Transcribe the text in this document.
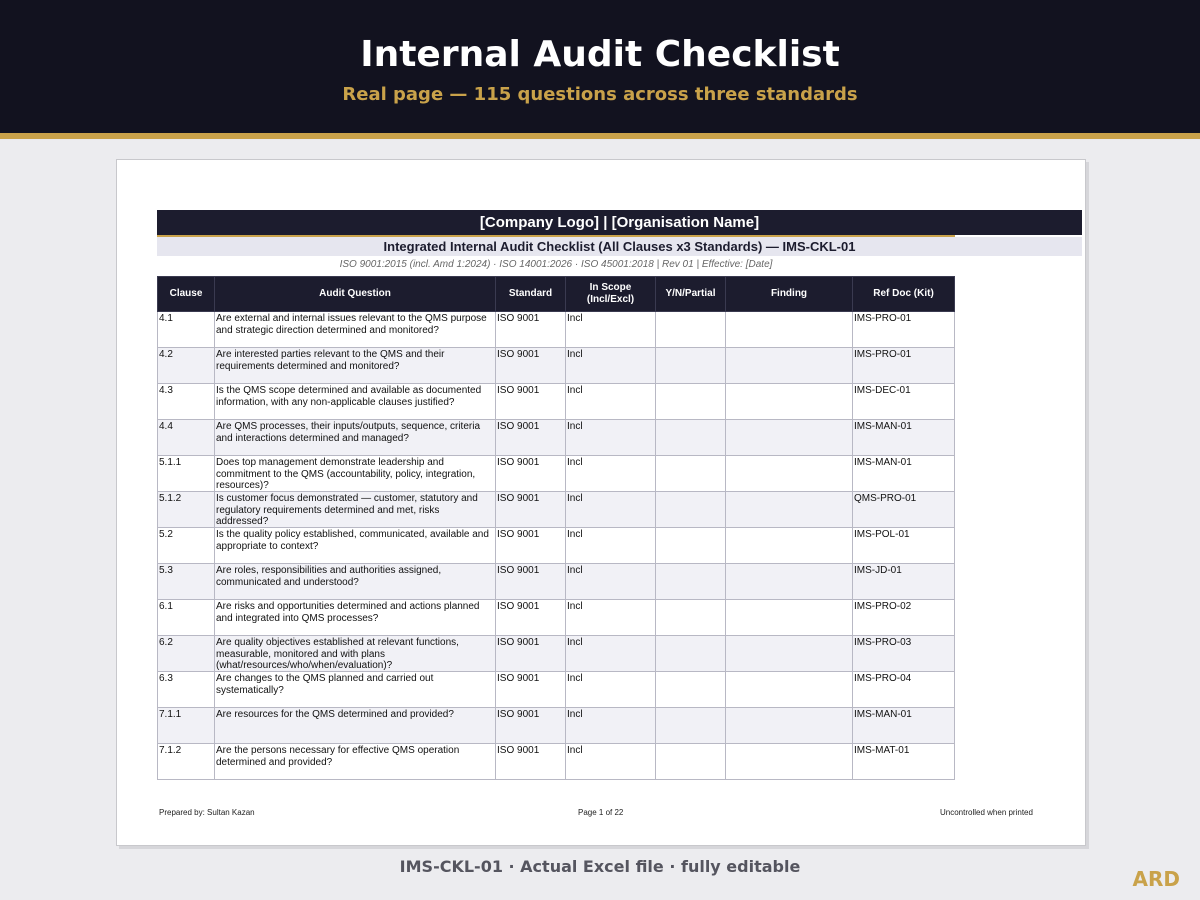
Internal Audit Checklist
Real page — 115 questions across three standards
[Company Logo] | [Organisation Name]
Integrated Internal Audit Checklist (All Clauses x3 Standards) — IMS-CKL-01
ISO 9001:2015 (incl. Amd 1:2024) · ISO 14001:2026 · ISO 45001:2018 | Rev 01 | Effective: [Date]
Clause	Audit Question	Standard	In Scope (Incl/Excl)	Y/N/Partial	Finding	Ref Doc (Kit)
4.1	Are external and internal issues relevant to the QMS purpose and strategic direction determined and monitored?	ISO 9001	Incl			IMS-PRO-01
4.2	Are interested parties relevant to the QMS and their requirements determined and monitored?	ISO 9001	Incl			IMS-PRO-01
4.3	Is the QMS scope determined and available as documented information, with any non-applicable clauses justified?	ISO 9001	Incl			IMS-DEC-01
4.4	Are QMS processes, their inputs/outputs, sequence, criteria and interactions determined and managed?	ISO 9001	Incl			IMS-MAN-01
5.1.1	Does top management demonstrate leadership and commitment to the QMS (accountability, policy, integration, resources)?	ISO 9001	Incl			IMS-MAN-01
5.1.2	Is customer focus demonstrated — customer, statutory and regulatory requirements determined and met, risks addressed?	ISO 9001	Incl			QMS-PRO-01
5.2	Is the quality policy established, communicated, available and appropriate to context?	ISO 9001	Incl			IMS-POL-01
5.3	Are roles, responsibilities and authorities assigned, communicated and understood?	ISO 9001	Incl			IMS-JD-01
6.1	Are risks and opportunities determined and actions planned and integrated into QMS processes?	ISO 9001	Incl			IMS-PRO-02
6.2	Are quality objectives established at relevant functions, measurable, monitored and with plans (what/resources/who/when/evaluation)?	ISO 9001	Incl			IMS-PRO-03
6.3	Are changes to the QMS planned and carried out systematically?	ISO 9001	Incl			IMS-PRO-04
7.1.1	Are resources for the QMS determined and provided?	ISO 9001	Incl			IMS-MAN-01
7.1.2	Are the persons necessary for effective QMS operation determined and provided?	ISO 9001	Incl			IMS-MAT-01
Prepared by: Sultan Kazan	Page 1 of 22	Uncontrolled when printed
IMS-CKL-01 · Actual Excel file · fully editable
ARD
